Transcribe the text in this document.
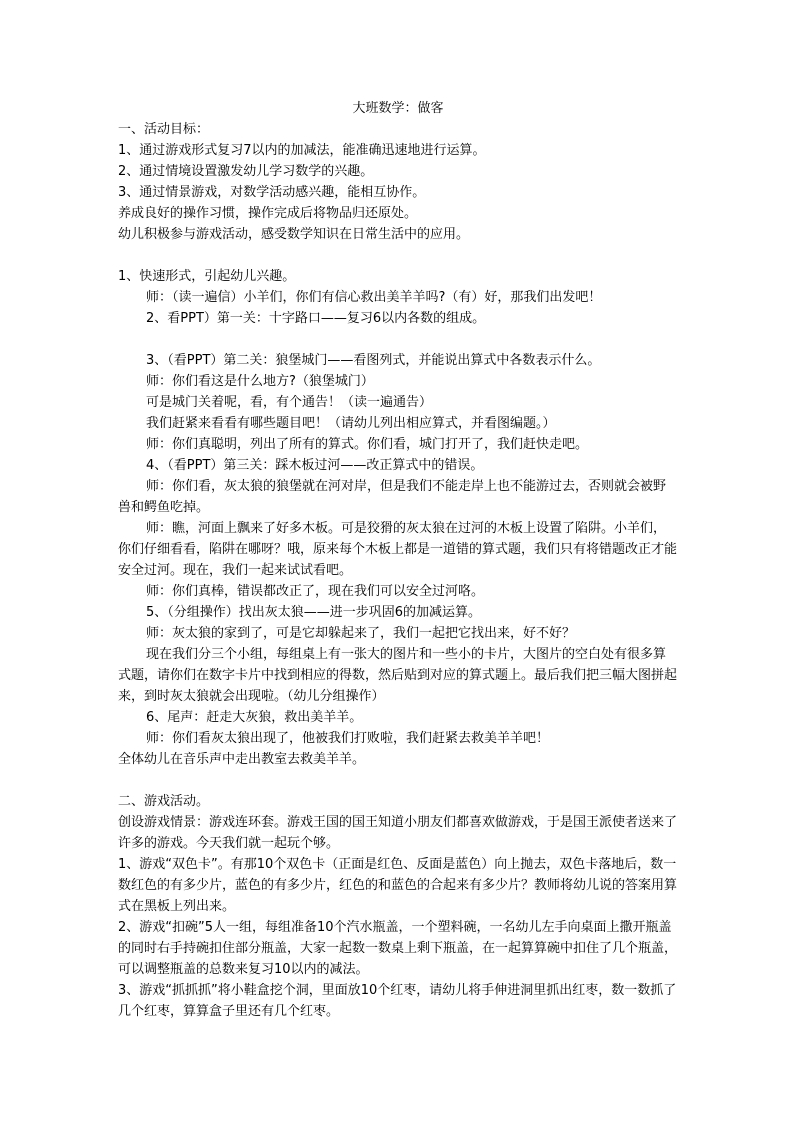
大班数学：做客

一、活动目标：

1、通过游戏形式复习7以内的加减法，能准确迅速地进行运算。

2、通过情境设置激发幼儿学习数学的兴趣。

3、通过情景游戏，对数学活动感兴趣，能相互协作。

养成良好的操作习惯，操作完成后将物品归还原处。

幼儿积极参与游戏活动，感受数学知识在日常生活中的应用。

1、快速形式，引起幼儿兴趣。

师：（读一遍信）小羊们，你们有信心救出美羊羊吗?（有）好，那我们出发吧！

2、看PPT）第一关：十字路口——复习6以内各数的组成。

3、（看PPT）第二关：狼堡城门——看图列式，并能说出算式中各数表示什么。

师：你们看这是什么地方?（狼堡城门）

可是城门关着呢，看，有个通告！（读一遍通告）

我们赶紧来看看有哪些题目吧！（请幼儿列出相应算式，并看图编题。）

师：你们真聪明，列出了所有的算式。你们看，城门打开了，我们赶快走吧。

4、（看PPT）第三关：踩木板过河——改正算式中的错误。

师：你们看，灰太狼的狼堡就在河对岸，但是我们不能走岸上也不能游过去，否则就会被野兽和鳄鱼吃掉。

师：瞧，河面上飘来了好多木板。可是狡猾的灰太狼在过河的木板上设置了陷阱。小羊们，你们仔细看看，陷阱在哪呀？哦，原来每个木板上都是一道错的算式题，我们只有将错题改正才能安全过河。现在，我们一起来试试看吧。

师：你们真棒，错误都改正了，现在我们可以安全过河咯。

5、（分组操作）找出灰太狼——进一步巩固6的加减运算。

师：灰太狼的家到了，可是它却躲起来了，我们一起把它找出来，好不好？

现在我们分三个小组，每组桌上有一张大的图片和一些小的卡片，大图片的空白处有很多算式题，请你们在数字卡片中找到相应的得数，然后贴到对应的算式题上。最后我们把三幅大图拼起来，到时灰太狼就会出现啦。（幼儿分组操作）

6、尾声：赶走大灰狼，救出美羊羊。

师：你们看灰太狼出现了，他被我们打败啦，我们赶紧去救美羊羊吧！

全体幼儿在音乐声中走出教室去救美羊羊。

二、游戏活动。

创设游戏情景：游戏连环套。游戏王国的国王知道小朋友们都喜欢做游戏，于是国王派使者送来了许多的游戏。今天我们就一起玩个够。

1、游戏“双色卡”。有那10个双色卡（正面是红色、反面是蓝色）向上抛去，双色卡落地后，数一数红色的有多少片，蓝色的有多少片，红色的和蓝色的合起来有多少片？教师将幼儿说的答案用算式在黑板上列出来。

2、游戏“扣碗”5人一组，每组准备10个汽水瓶盖，一个塑料碗，一名幼儿左手向桌面上撒开瓶盖的同时右手持碗扣住部分瓶盖，大家一起数一数桌上剩下瓶盖，在一起算算碗中扣住了几个瓶盖，可以调整瓶盖的总数来复习10以内的减法。

3、游戏“抓抓抓”将小鞋盒挖个洞，里面放10个红枣，请幼儿将手伸进洞里抓出红枣，数一数抓了几个红枣，算算盒子里还有几个红枣。
